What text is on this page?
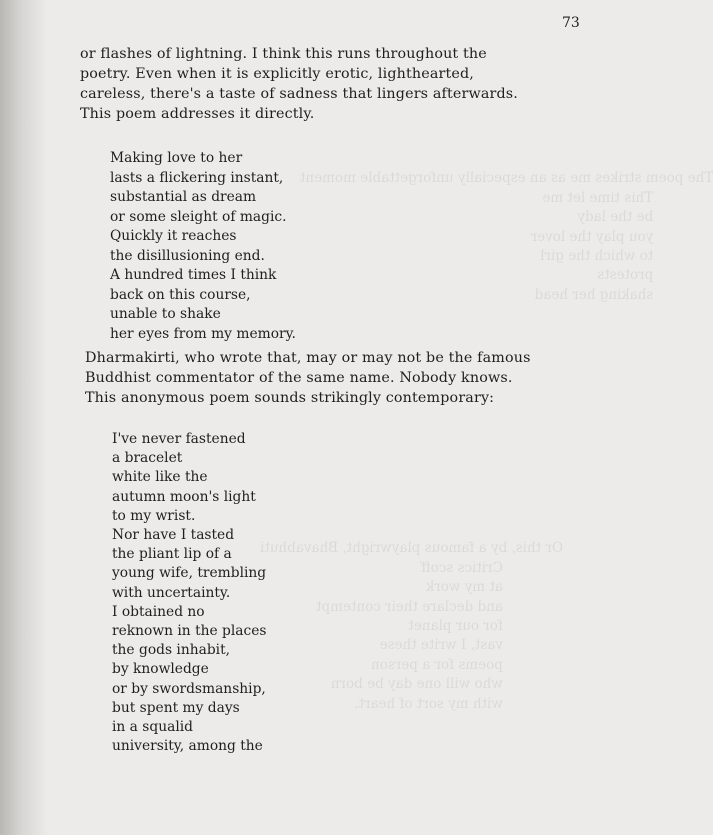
The poem strikes me as an especially unforgettable moment
This time let me
be the lady
you play the lover
to which the girl
protests
shaking her head

Or this, by a famous playwright, Bhavabhuti
Critics scoff
at my work
and declare their contempt
for our planet
vast, I write these
poems for a person
who will one day be born
with my sort of heart.

73

or flashes of lightning. I think this runs throughout the

poetry. Even when it is explicitly erotic, lighthearted,

careless, there's a taste of sadness that lingers afterwards.

This poem addresses it directly.

Making love to her

lasts a flickering instant,

substantial as dream

or some sleight of magic.

Quickly it reaches

the disillusioning end.

A hundred times I think

back on this course,

unable to shake

her eyes from my memory.

Dharmakirti, who wrote that, may or may not be the famous

Buddhist commentator of the same name. Nobody knows.

This anonymous poem sounds strikingly contemporary:

I've never fastened

a bracelet

white like the

autumn moon's light

to my wrist.

Nor have I tasted

the pliant lip of a

young wife, trembling

with uncertainty.

I obtained no

reknown in the places

the gods inhabit,

by knowledge

or by swordsmanship,

but spent my days

in a squalid

university, among the
